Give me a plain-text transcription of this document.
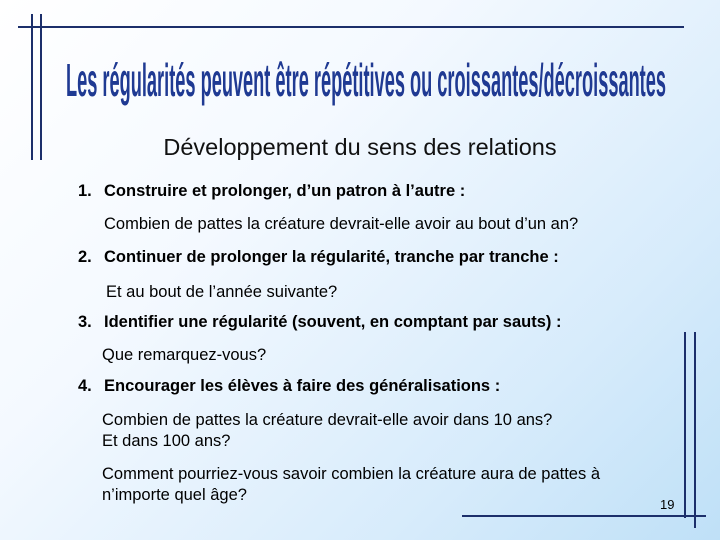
Les régularités peuvent être répétitives ou croissantes/décroissantes
Développement du sens des relations
1. Construire et prolonger, d’un patron à l’autre :
Combien de pattes la créature devrait-elle avoir au bout d’un an?
2. Continuer de prolonger la régularité, tranche par tranche :
Et au bout de l’année suivante?
3. Identifier une régularité (souvent, en comptant par sauts) :
Que remarquez-vous?
4. Encourager les élèves à faire des généralisations :
Combien de pattes la créature devrait-elle avoir dans 10 ans?
Et dans 100 ans?
Comment pourriez-vous savoir combien la créature aura de pattes à
n’importe quel âge?
19
